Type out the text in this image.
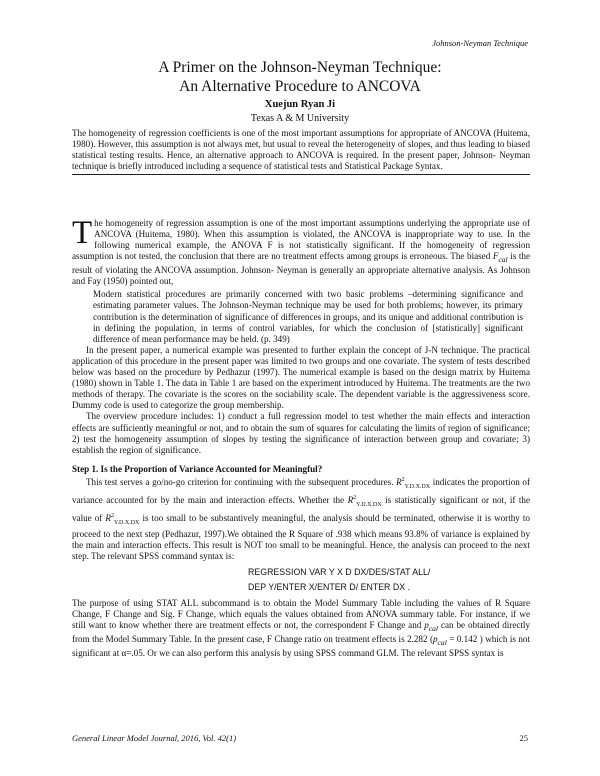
Johnson-Neyman Technique
A Primer on the Johnson-Neyman Technique:
An Alternative Procedure to ANCOVA
Xuejun Ryan Ji
Texas A & M University
The homogeneity of regression coefficients is one of the most important assumptions for appropriate of ANCOVA (Huitema, 1980). However, this assumption is not always met, but usual to reveal the heterogeneity of slopes, and thus leading to biased statistical testing results. Hence, an alternative approach to ANCOVA is required. In the present paper, Johnson- Neyman technique is briefly introduced including a sequence of statistical tests and Statistical Package Syntax.

The homogeneity of regression assumption is one of the most important assumptions underlying the appropriate use of ANCOVA (Huitema, 1980). When this assumption is violated, the ANCOVA is inappropriate way to use. In the following numerical example, the ANOVA F is not statistically significant. If the homogeneity of regression assumption is not tested, the conclusion that there are no treatment effects among groups is erroneous. The biased $F_{cal}$ is the result of violating the ANCOVA assumption. Johnson- Neyman is generally an appropriate alternative analysis. As Johnson and Fay (1950) pointed out,

Modern statistical procedures are primarily concerned with two basic problems –determining significance and estimating parameter values. The Johnson-Neyman technique may be used for both problems; however, its primary contribution is the determination of significance of differences in groups, and its unique and additional contribution is in defining the population, in terms of control variables, for which the conclusion of [statistically] significant difference of mean performance may be held. (p. 349)

In the present paper, a numerical example was presented to further explain the concept of J-N technique. The practical application of this procedure in the present paper was limited to two groups and one covariate. The system of tests described below was based on the procedure by Pedhazur (1997). The numerical example is based on the design matrix by Huitema (1980) shown in Table 1. The data in Table 1 are based on the experiment introduced by Huitema. The treatments are the two methods of therapy. The covariate is the scores on the sociability scale. The dependent variable is the aggressiveness score. Dummy code is used to categorize the group membership.

The overview procedure includes: 1) conduct a full regression model to test whether the main effects and interaction effects are sufficiently meaningful or not, and to obtain the sum of squares for calculating the limits of region of significance; 2) test the homogeneity assumption of slopes by testing the significance of interaction between group and covariate; 3) establish the region of significance.

Step 1. Is the Proportion of Variance Accounted for Meaningful?

This test serves a go/no-go criterion for continuing with the subsequent procedures. $R^2_{Y.D.X.DX}$ indicates the proportion of variance accounted for by the main and interaction effects. Whether the $R^2_{Y.D.X.DX}$ is statistically significant or not, if the value of $R^2_{Y.D.X.DX}$ is too small to be substantively meaningful, the analysis should be terminated, otherwise it is worthy to proceed to the next step (Pedhazur, 1997).We obtained the R Square of .938 which means 93.8% of variance is explained by the main and interaction effects. This result is NOT too small to be meaningful. Hence, the analysis can proceed to the next step. The relevant SPSS command syntax is:

REGRESSION VAR Y X D DX/DES/STAT ALL/

DEP Y/ENTER X/ENTER D/ ENTER DX .

The purpose of using STAT ALL subcommand is to obtain the Model Summary Table including the values of R Square Change, F Change and Sig. F Change, which equals the values obtained from ANOVA summary table. For instance, if we still want to know whether there are treatment effects or not, the correspondent F Change and $p_{cal}$ can be obtained directly from the Model Summary Table. In the present case, F Change ratio on treatment effects is 2.282 ($p_{cal} = 0.142$ ) which is not significant at α=.05. Or we can also perform this analysis by using SPSS command GLM. The relevant SPSS syntax is

General Linear Model Journal, 2016, Vol. 42(1)	25
